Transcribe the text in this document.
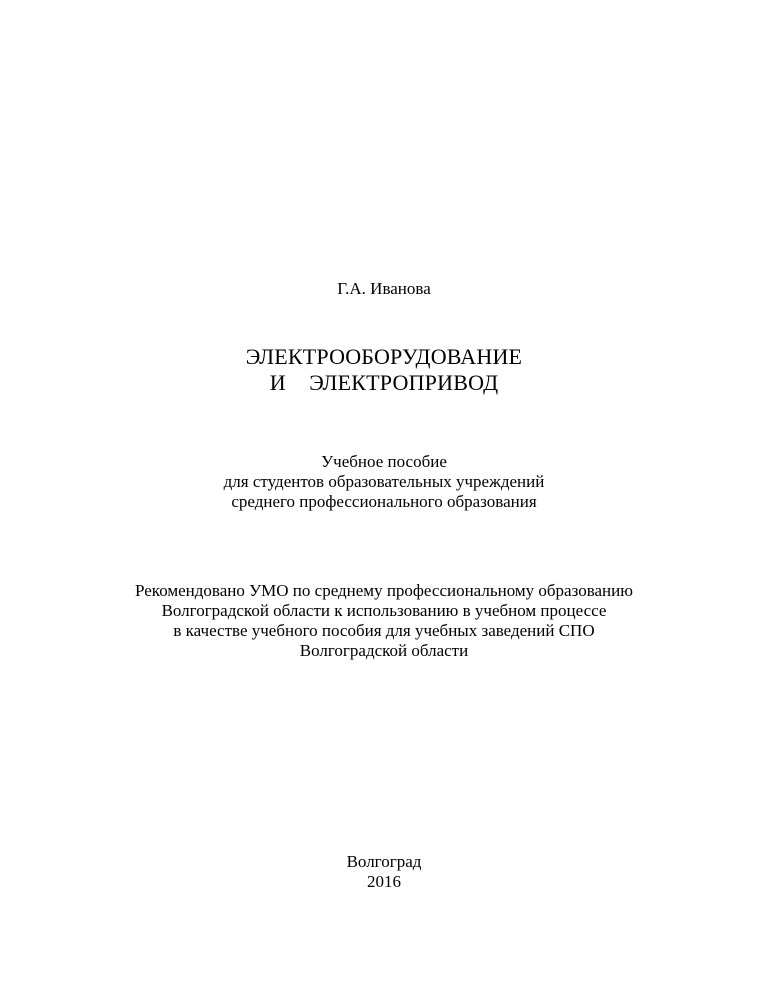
Г.А. Иванова
ЭЛЕКТРООБОРУДОВАНИЕ
И  ЭЛЕКТРОПРИВОД
Учебное пособие
для студентов образовательных учреждений
среднего профессионального образования
Рекомендовано УМО по среднему профессиональному образованию
Волгоградской области к использованию в учебном процессе
в качестве учебного пособия для учебных заведений СПО
Волгоградской области
Волгоград
2016
